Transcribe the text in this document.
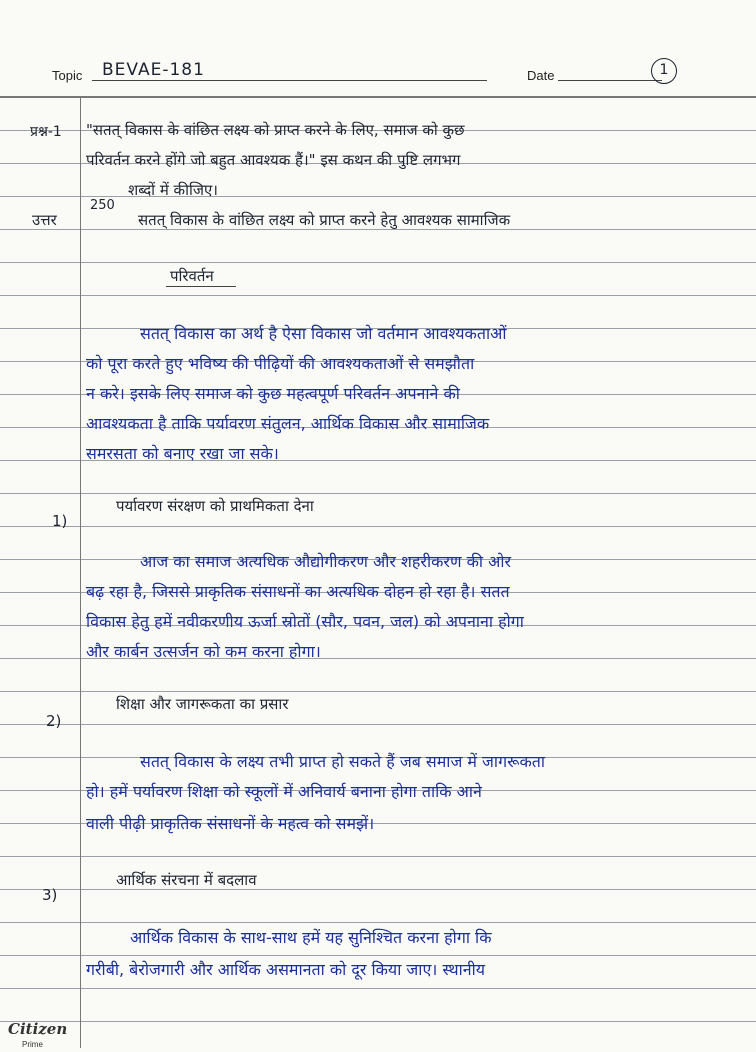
Topic BEVAE-181	Date	1
प्रश्न-1 "सतत् विकास के वांछित लक्ष्य को प्राप्त करने के लिए, समाज को कुछ
परिवर्तन करने होंगे जो बहुत आवश्यक हैं।" इस कथन की पुष्टि लगभग
शब्दों में कीजिए।
250
उत्तर	सतत् विकास के वांछित लक्ष्य को प्राप्त करने हेतु आवश्यक सामाजिक
परिवर्तन
सतत् विकास का अर्थ है ऐसा विकास जो वर्तमान आवश्यकताओं
को पूरा करते हुए भविष्य की पीढ़ियों की आवश्यकताओं से समझौता
न करे। इसके लिए समाज को कुछ महत्वपूर्ण परिवर्तन अपनाने की
आवश्यकता है ताकि पर्यावरण संतुलन, आर्थिक विकास और सामाजिक
समरसता को बनाए रखा जा सके।
1)
पर्यावरण संरक्षण को प्राथमिकता देना
आज का समाज अत्यधिक औद्योगीकरण और शहरीकरण की ओर
बढ़ रहा है, जिससे प्राकृतिक संसाधनों का अत्यधिक दोहन हो रहा है। सतत
विकास हेतु हमें नवीकरणीय ऊर्जा स्रोतों (सौर, पवन, जल) को अपनाना होगा
और कार्बन उत्सर्जन को कम करना होगा।
2)
शिक्षा और जागरूकता का प्रसार
सतत् विकास के लक्ष्य तभी प्राप्त हो सकते हैं जब समाज में जागरूकता
हो। हमें पर्यावरण शिक्षा को स्कूलों में अनिवार्य बनाना होगा ताकि आने
वाली पीढ़ी प्राकृतिक संसाधनों के महत्व को समझें।
3)
आर्थिक संरचना में बदलाव
आर्थिक विकास के साथ-साथ हमें यह सुनिश्चित करना होगा कि
गरीबी, बेरोजगारी और आर्थिक असमानता को दूर किया जाए। स्थानीय
Citizen
Prime
